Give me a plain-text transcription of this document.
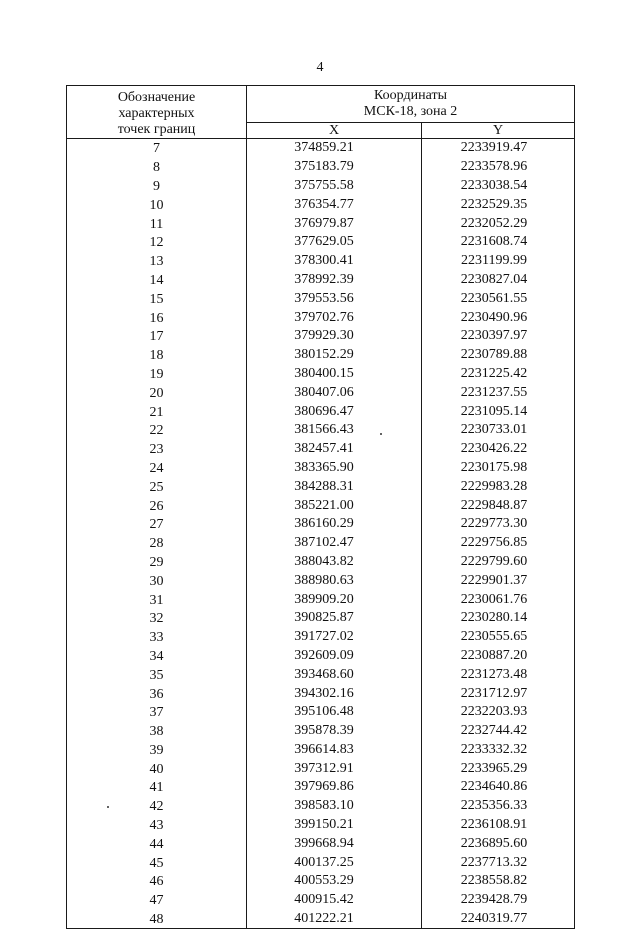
4
Обозначение
характерных
точек границ	Координаты
МСК-18, зона 2	

	X	Y
7	374859.21	2233919.47
8	375183.79	2233578.96
9	375755.58	2233038.54
10	376354.77	2232529.35
11	376979.87	2232052.29
12	377629.05	2231608.74
13	378300.41	2231199.99
14	378992.39	2230827.04
15	379553.56	2230561.55
16	379702.76	2230490.96
17	379929.30	2230397.97
18	380152.29	2230789.88
19	380400.15	2231225.42
20	380407.06	2231237.55
21	380696.47	2231095.14
22	381566.43	2230733.01
23	382457.41	2230426.22
24	383365.90	2230175.98
25	384288.31	2229983.28
26	385221.00	2229848.87
27	386160.29	2229773.30
28	387102.47	2229756.85
29	388043.82	2229799.60
30	388980.63	2229901.37
31	389909.20	2230061.76
32	390825.87	2230280.14
33	391727.02	2230555.65
34	392609.09	2230887.20
35	393468.60	2231273.48
36	394302.16	2231712.97
37	395106.48	2232203.93
38	395878.39	2232744.42
39	396614.83	2233332.32
40	397312.91	2233965.29
41	397969.86	2234640.86
42	398583.10	2235356.33
43	399150.21	2236108.91
44	399668.94	2236895.60
45	400137.25	2237713.32
46	400553.29	2238558.82
47	400915.42	2239428.79
48	401222.21	2240319.77
